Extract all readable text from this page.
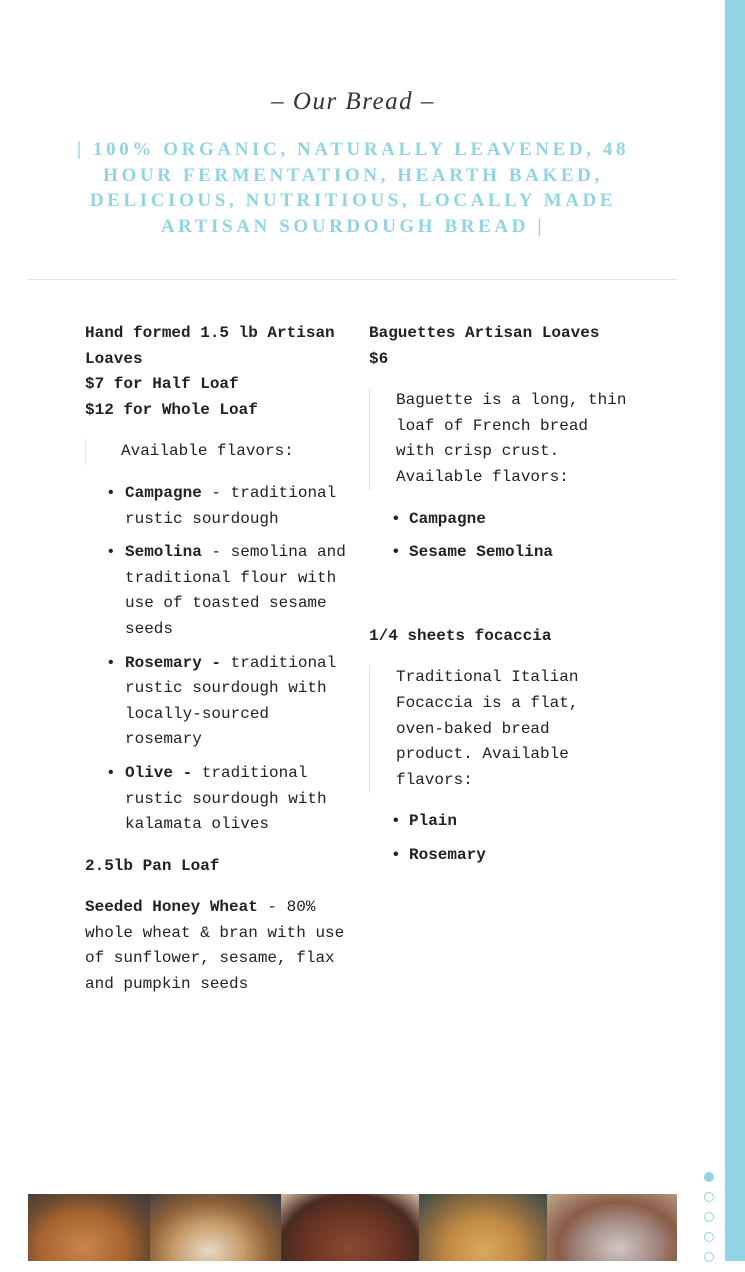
– Our Bread –
| 100% ORGANIC, NATURALLY LEAVENED, 48 HOUR FERMENTATION, HEARTH BAKED, DELICIOUS, NUTRITIOUS, LOCALLY MADE ARTISAN SOURDOUGH BREAD |

Hand formed 1.5 lb Artisan Loaves

$7 for Half Loaf

$12 for Whole Loaf

Available flavors:

• Campagne - traditional rustic sourdough
• Semolina - semolina and traditional flour with use of toasted sesame seeds
• Rosemary - traditional rustic sourdough with locally-sourced rosemary
• Olive - traditional rustic sourdough with kalamata olives

2.5lb Pan Loaf

Seeded Honey Wheat - 80% whole wheat & bran with use of sunflower, sesame, flax and pumpkin seeds

Baguettes Artisan Loaves

$6

Baguette is a long, thin loaf of French bread with crisp crust. Available flavors:

• Campagne
• Sesame Semolina

1/4 sheets focaccia

Traditional Italian Focaccia is a flat, oven-baked bread product. Available flavors:

• Plain
• Rosemary
